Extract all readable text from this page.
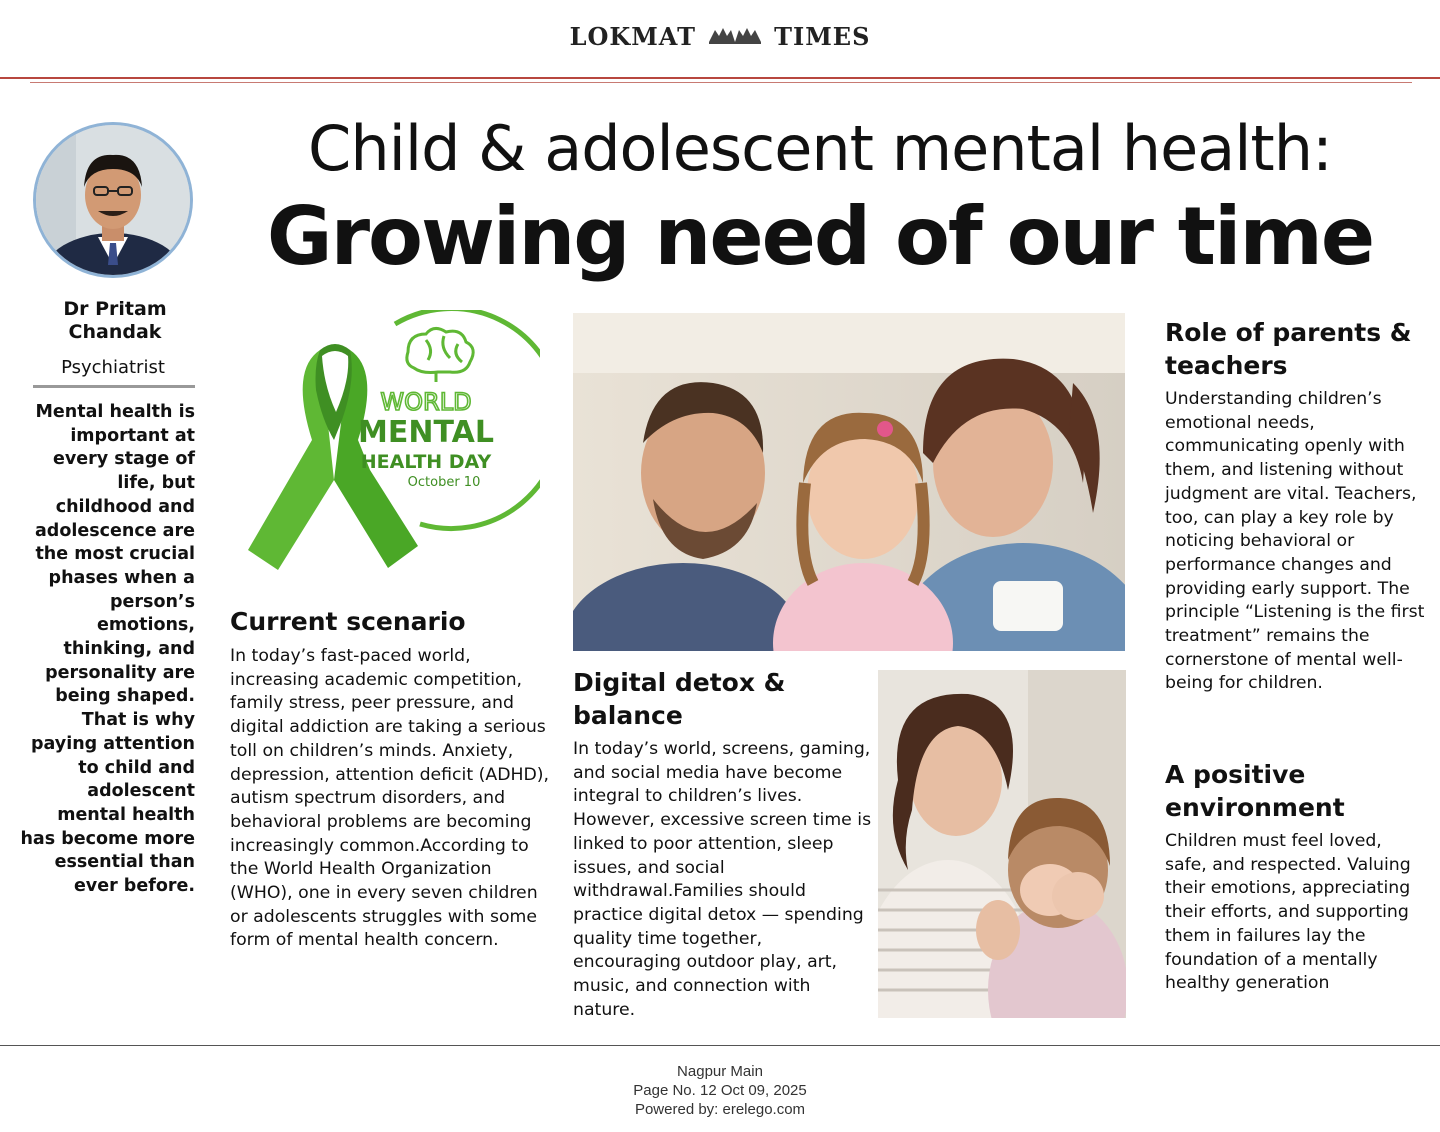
LOKMAT	TIMES
Dr Pritam
Chandak
Psychiatrist
Mental health is important at every stage of life, but childhood and adolescence are the most crucial phases when a person’s emotions, thinking, and personality are being shaped. That is why paying attention to child and adolescent mental health has become more essential than ever before.
Child & adolescent mental health:
Growing need of our time
WORLD
MENTAL
HEALTH DAY
October 10
Current scenario
In today’s fast-paced world, increasing academic competition, family stress, peer pressure, and digital addiction are taking a serious toll on children’s minds. Anxiety, depression, attention deficit (ADHD), autism spectrum disorders, and behavioral problems are becoming increasingly common.According to the World Health Organization (WHO), one in every seven children or adolescents struggles with some form of mental health concern.
Digital detox & balance
In today’s world, screens, gaming, and social media have become integral to children’s lives. However, excessive screen time is linked to poor attention, sleep issues, and social withdrawal.Families should practice digital detox — spending quality time together, encouraging outdoor play, art, music, and connection with nature.
Role of parents & teachers
Understanding children’s emotional needs, communicating openly with them, and listening without judgment are vital. Teachers, too, can play a key role by noticing behavioral or performance changes and providing early support. The principle “Listening is the first treatment” remains the cornerstone of mental well-being for children.
A positive environment
Children must feel loved, safe, and respected. Valuing their emotions, appreciating their efforts, and supporting them in failures lay the foundation of a mentally healthy generation
Nagpur Main
Page No. 12 Oct 09, 2025
Powered by: erelego.com
